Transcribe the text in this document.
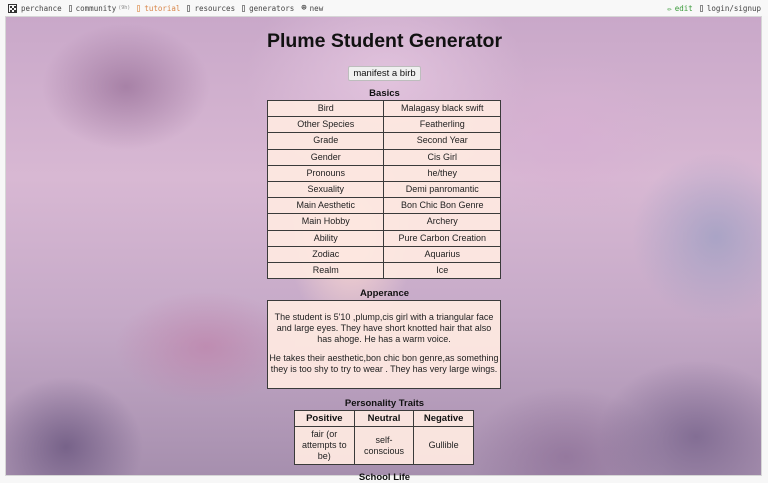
perchance community (9h) tutorial resources generators ⊕ new	✏ edit login/signup
Plume Student Generator
manifest a birb
Basics
Bird	Malagasy black swift
Other Species	Featherling
Grade	Second Year
Gender	Cis Girl
Pronouns	he/they
Sexuality	Demi panromantic
Main Aesthetic	Bon Chic Bon Genre
Main Hobby	Archery
Ability	Pure Carbon Creation
Zodiac	Aquarius
Realm	Ice
Apperance

The student is 5'10 ,plump,cis girl with a triangular face and large eyes. They have short knotted hair that also has ahoge. He has a warm voice.

He takes their aesthetic,bon chic bon genre,as something they is too shy to try to wear . They has very large wings.

Personality Traits
Positive	Neutral	Negative
fair (or attempts to be)	self-conscious	Gullible
School Life
